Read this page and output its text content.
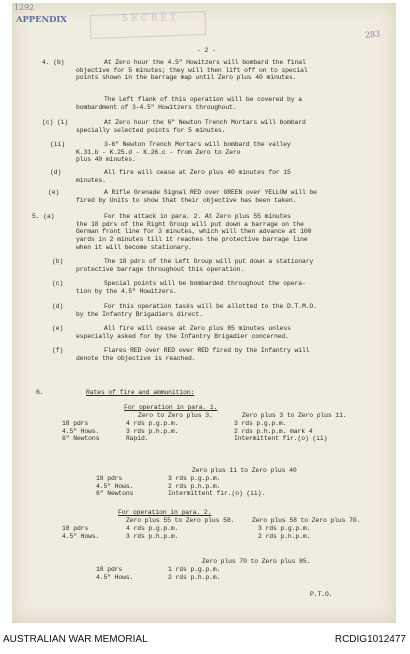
1292
APPENDIX	SECRET
283
- 2 -
4. (b)	At Zero hour the 4.5" Howitzers will bombard the final
objective for 5 minutes; they will then lift off on to special
points shown in the barrage map until Zero plus 40 minutes.
The Left flank of this operation will be covered by a
bombardment of 3-4.5" Howitzers throughout.
(c) (i)	At Zero hour the 6" Newton Trench Mortars will bombard
specially selected points for 5 minutes.
(ii)	3-6" Newton Trench Mortars will bombard the valley
K.31.b - K.25.d - K.26.c - from Zero to Zero
plus 40 minutes.
(d)	All fire will cease at Zero plus 40 minutes for 15
minutes.
(e)	A Rifle Grenade Signal RED over GREEN over YELLOW will be
fired by Units to show that their objective has been taken.
5. (a)	For the attack in para. 2. At Zero plus 55 minutes
the 18 pdrs of the Right Group will put down a barrage on the
German front line for 3 minutes, which will then advance at 100
yards in 2 minutes till it reaches the protective barrage line
when it will become stationary.
(b)	The 18 pdrs of the Left Group will put down a stationary
protective barrage throughout this operation.
(c)	Special points will be bombarded throughout the opera-
tion by the 4.5" Howitzers.
(d)	For this operation tasks will be allotted to the D.T.M.O.
by the Infantry Brigadiers direct.
(e)	All fire will cease at Zero plus 85 minutes unless
especially asked for by the Infantry Brigadier concerned.
(f)	Flares RED over RED over RED fired by the Infantry will
denote the objective is reached.
6.	Rates of fire and ammunition:
For operation in para. 1.
Zero to Zero plus 3.	Zero plus 3 to Zero plus 11.
18 pdrs	4 rds p.g.p.m.	3 rds p.g.p.m.
4.5" Hows.	3 rds p.h.p.m.	2 rds p.h.p.m. mark 4
6" Newtons	Rapid.	Intermittent fir.(o) (ii)
Zero plus 11 to Zero plus 40
18 pdrs	3 rds p.g.p.m.
4.5" Hows.	2 rds p.h.p.m.
6" Newtons	Intermittent fir.(o) (ii).
For operation in para. 2.
Zero plus 55 to Zero plus 58.	Zero plus 58 to Zero plus 70.
18 pdrs	4 rds p.g.p.m.	3 rds p.g.p.m.
4.5" Hows.	3 rds p.h.p.m.	2 rds p.h.p.m.
Zero plus 70 to Zero plus 85.
18 pdrs	1 rds p.g.p.m.
4.5" Hows.	2 rds p.h.p.m.
P.T.O.
AUSTRALIAN WAR MEMORIAL	RCDIG1012477
